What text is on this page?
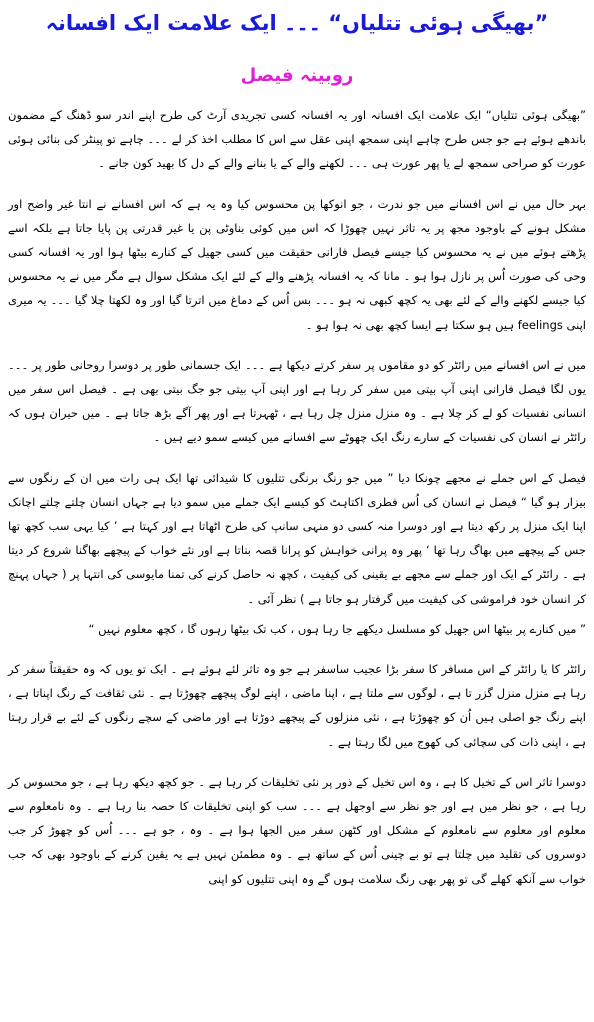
”بھیگی ہوئی تتلیاں“ ۔۔۔ ایک علامت ایک افسانہ
روبینہ فیصل

”بھیگی ہوئی تتلیاں“ ایک علامت ایک افسانہ اور یہ افسانہ کسی تجریدی آرٹ کی طرح اپنے اندر سو ڈھنگ کے مضمون باندھے ہوئے ہے جو جس طرح چاہے اپنی سمجھ اپنی عقل سے اس کا مطلب اخذ کر لے ۔۔۔ چاہے تو پینٹر کی بنائی ہوئی عورت کو صراحی سمجھ لے یا پھر عورت ہی ۔۔۔ لکھنے والے کے یا بنانے والے کے دل کا بھید کون جانے ۔

بہر حال میں نے اس افسانے میں جو ندرت ، جو انوکھا پن محسوس کیا وہ یہ ہے کہ اس افسانے نے انتا غیر واضح اور مشکل ہونے کے باوجود مجھ پر یہ تاثر نہیں چھوڑا کہ اس میں کوئی بناوٹی پن یا غیر قدرتی پن پایا جاتا ہے بلکہ اسے پڑھتے ہوئے میں نے یہ محسوس کیا جیسے فیصل فارانی حقیقت میں کسی جھیل کے کنارے بیٹھا ہوا اور یہ افسانہ کسی وحی کی صورت اُس پر نازل ہوا ہو ۔ مانا کہ یہ افسانہ پڑھنے والے کے لئے ایک مشکل سوال ہے مگر میں نے یہ محسوس کیا جیسے لکھنے والے کے لئے بھی یہ کچھ کبھی نہ ہو ۔۔۔ بس اُس کے دماغ میں اترتا گیا اور وہ لکھتا چلا گیا ۔۔۔ یہ میری اپنی feelings ہیں ہو سکتا ہے ایسا کچھ بھی نہ ہوا ہو ۔

میں نے اس افسانے میں رائٹر کو دو مقاموں پر سفر کرتے دیکھا ہے ۔۔۔ ایک جسمانی طور پر دوسرا روحانی طور پر ۔۔۔ یوں لگا فیصل فارانی اپنی آپ بیتی میں سفر کر رہا ہے اور اپنی آپ بیتی جو جگ بیتی بھی ہے ۔ فیصل اس سفر میں انسانی نفسیات کو لے کر چلا ہے ۔ وہ منزل منزل چل رہا ہے ، ٹھہرتا ہے اور پھر آگے بڑھ جاتا ہے ۔ میں حیران ہوں کہ رائٹر نے انسان کی نفسیات کے سارے رنگ ایک چھوٹے سے افسانے میں کیسے سمو دیے ہیں ۔

فیصل کے اس جملے نے مجھے چونکا دیا ” میں جو رنگ برنگی تتلیوں کا شیدائی تھا ایک ہی رات میں ان کے رنگوں سے بیزار ہو گیا “ فیصل نے انسان کی اُس فطری اکتاہٹ کو کیسے ایک جملے میں سمو دیا ہے جہاں انسان چلتے چلتے اچانک اپنا ایک منزل پر رکھ دیتا ہے اور دوسرا منہ کسی دو منہی سانپ کی طرح اٹھاتا ہے اور کہتا ہے ’ کیا یہی سب کچھ تھا جس کے پیچھے میں بھاگ رہا تھا ‘ پھر وہ پرانی خواہش کو پرانا قصہ بناتا ہے اور نئے خواب کے پیچھے بھاگنا شروع کر دیتا ہے ۔ رائٹر کے ایک اور جملے سے مجھے بے یقینی کی کیفیت ، کچھ نہ حاصل کرنے کی تمنا مایوسی کی انتہا پر ( جہاں پہنچ کر انسان خود فراموشی کی کیفیت میں گرفتار ہو جاتا ہے ) نظر آئی ۔

” میں کنارے پر بیٹھا اس جھیل کو مسلسل دیکھے جا رہا ہوں ، کب تک بیٹھا رہوں گا ، کچھ معلوم نہیں “

رائٹر کا یا رائٹر کے اس مسافر کا سفر بڑا عجیب ساسفر ہے جو وہ تاثر لئے ہوئے ہے ۔ ایک تو یوں کہ وہ حقیقتاً سفر کر رہا ہے منزل منزل گزر تا ہے ، لوگوں سے ملتا ہے ، اپنا ماضی ، اپنے لوگ پیچھے چھوڑتا ہے ۔ نئی ثقافت کے رنگ اپناتا ہے ، اپنے رنگ جو اصلی ہیں اُن کو چھوڑتا ہے ، نئی منزلوں کے پیچھے دوڑتا ہے اور ماضی کے سچے رنگوں کے لئے بے قرار رہتا ہے ، اپنی ذات کی سچائی کی کھوج میں لگا رہتا ہے ۔

دوسرا تاثر اس کے تخیل کا ہے ، وہ اس تخیل کے ذور پر نئی تخلیقات کر رہا ہے ۔ جو کچھ دیکھ رہا ہے ، جو محسوس کر رہا ہے ، جو نظر میں ہے اور جو نظر سے اوجھل ہے ۔۔۔ سب کو اپنی تخلیقات کا حصہ بنا رہا ہے ۔ وہ نامعلوم سے معلوم اور معلوم سے نامعلوم کے مشکل اور کٹھن سفر میں الجھا ہوا ہے ۔ وہ ، جو ہے ۔۔۔ اُس کو چھوڑ کر جب دوسروں کی تقلید میں چلتا ہے تو بے چینی اُس کے ساتھ ہے ۔ وہ مطمئن نہیں ہے یہ یقین کرنے کے باوجود بھی کہ جب خواب سے آنکھ کھلے گی تو پھر بھی رنگ سلامت ہوں گے وہ اپنی تتلیوں کو اپنی
